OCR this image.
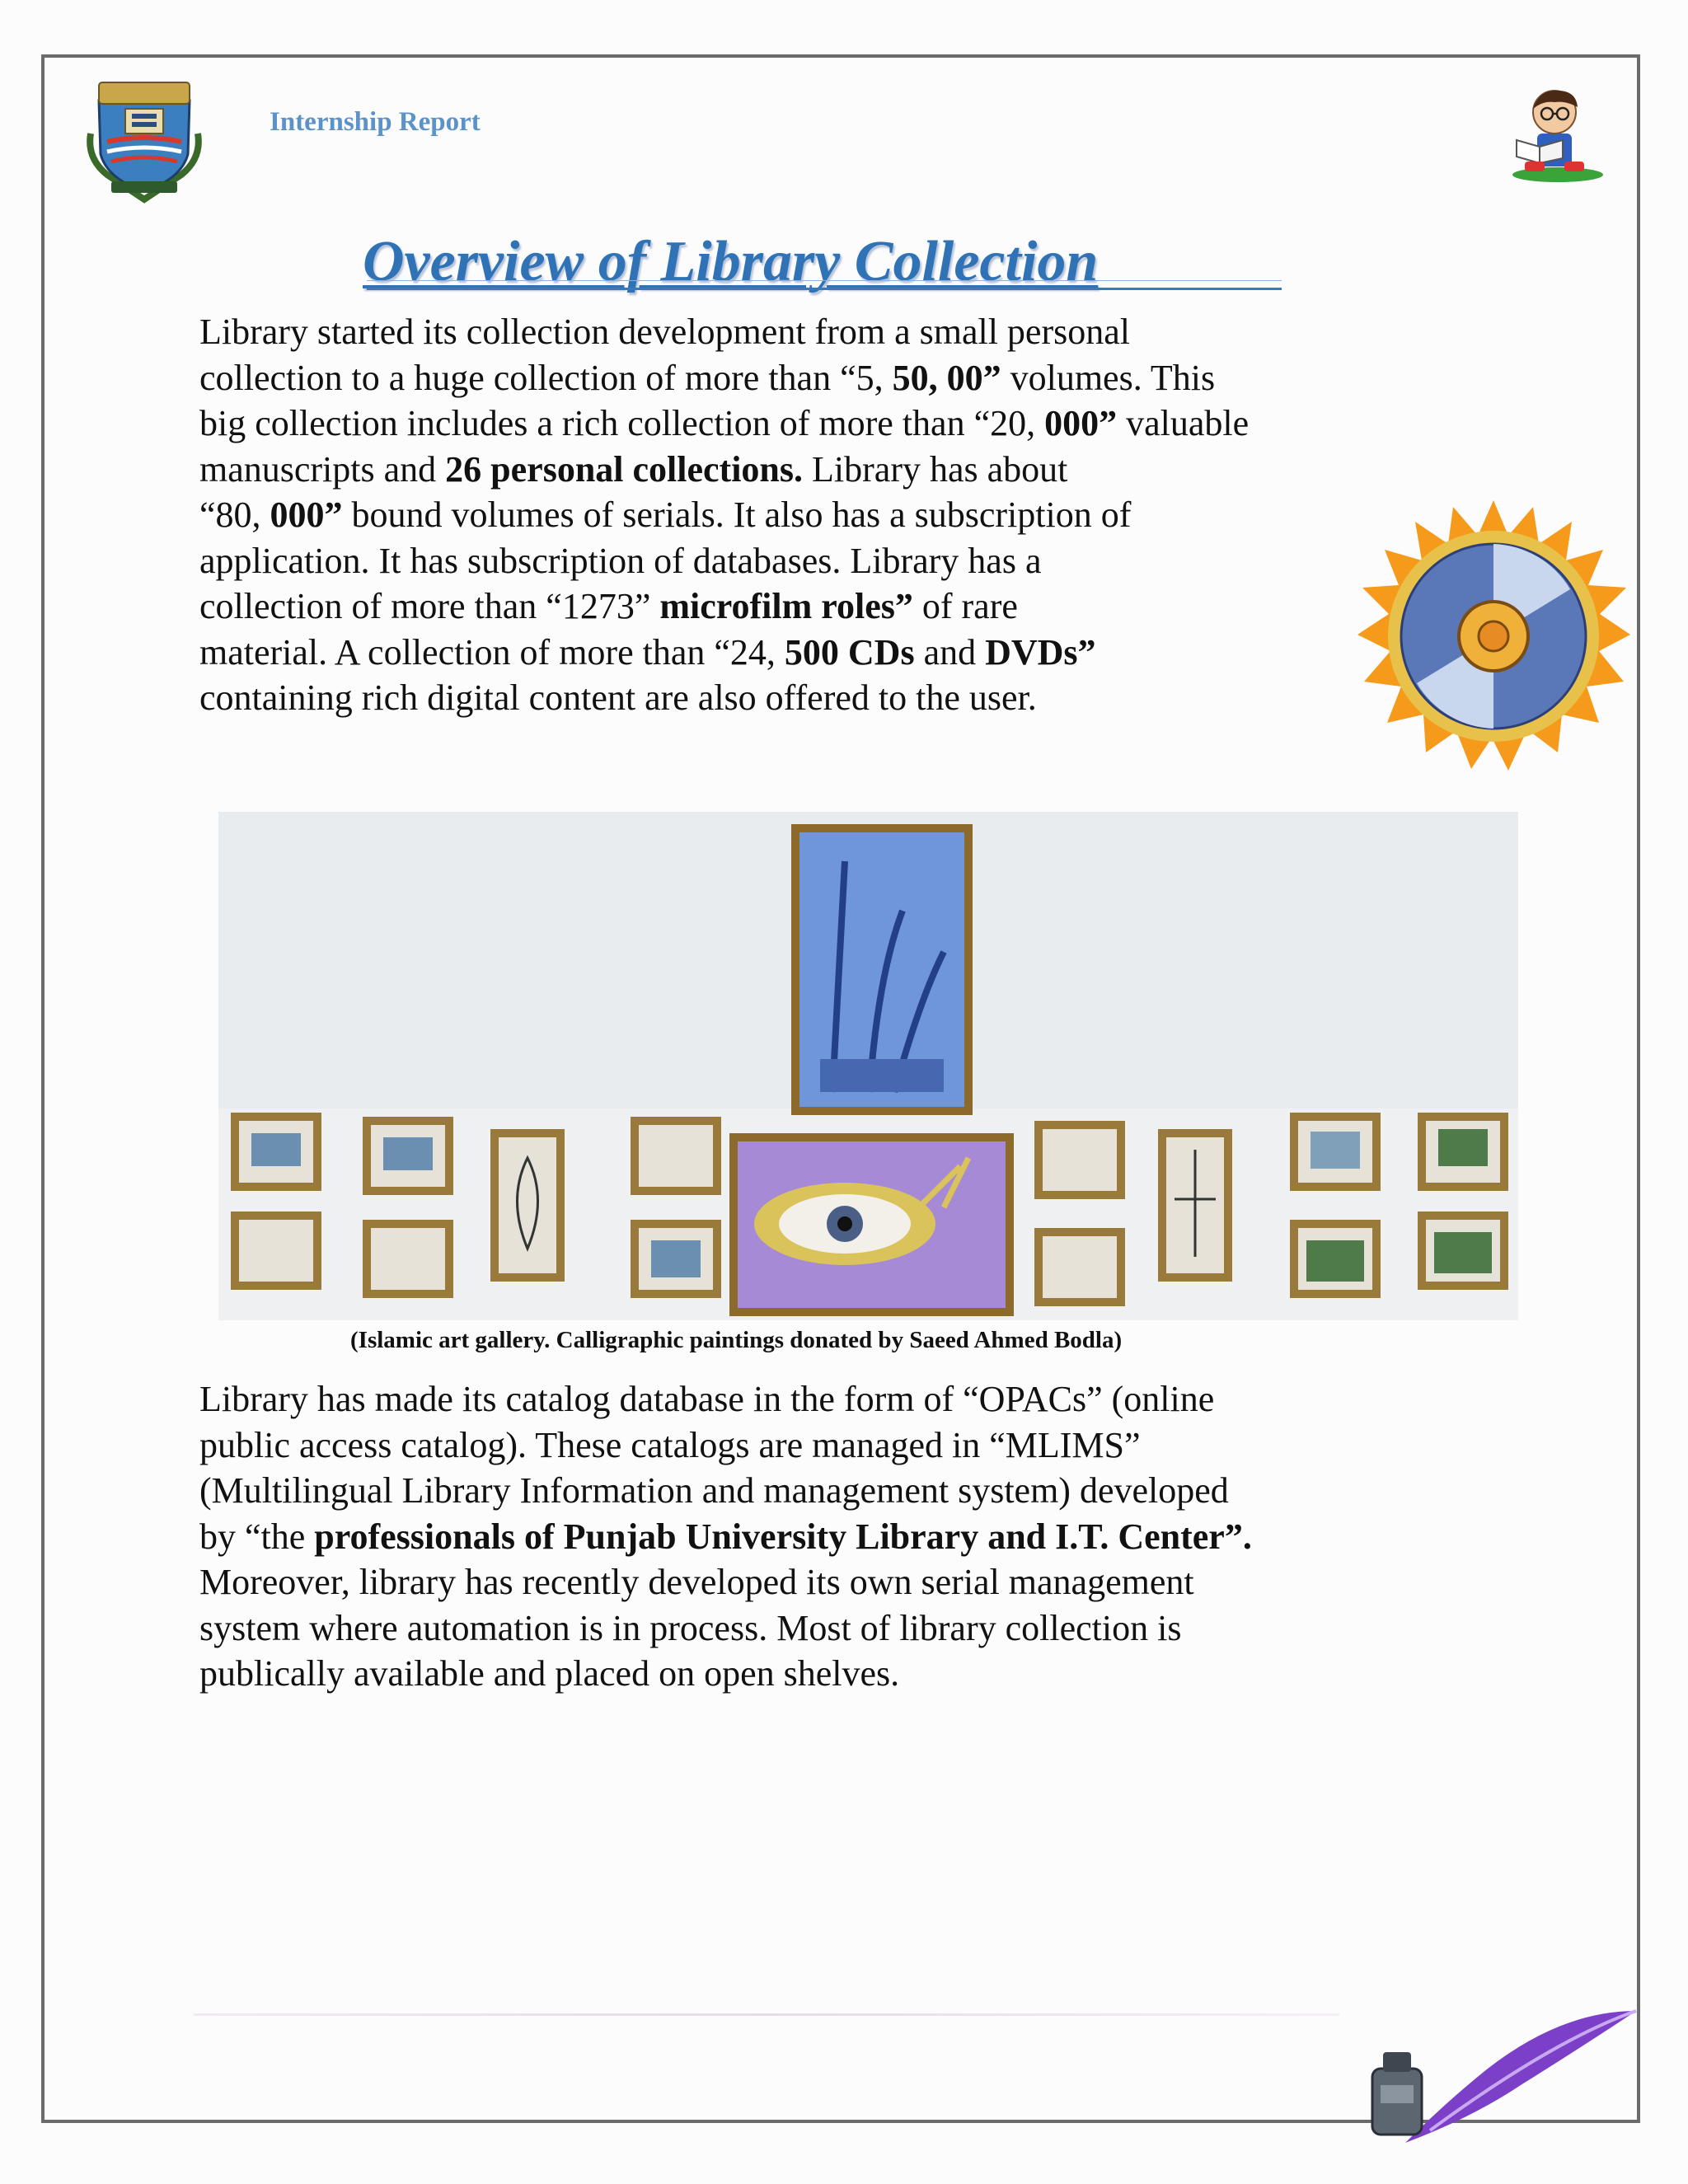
Internship Report
Overview of Library Collection

Library started its collection development from a small personal
collection to a huge collection of more than “5, 50, 00” volumes. This
big collection includes a rich collection of more than “20, 000” valuable
manuscripts and 26 personal collections. Library has about
“80, 000” bound volumes of serials. It also has a subscription of
application. It has subscription of databases. Library has a
collection of more than “1273” microfilm roles” of rare
material. A collection of more than “24, 500 CDs and DVDs”
containing rich digital content are also offered to the user.

(Islamic art gallery. Calligraphic paintings donated by Saeed Ahmed Bodla)

Library has made its catalog database in the form of “OPACs” (online
public access catalog). These catalogs are managed in “MLIMS”
(Multilingual Library Information and management system) developed
by “the professionals of Punjab University Library and I.T. Center”.
Moreover, library has recently developed its own serial management
system where automation is in process. Most of library collection is
publically available and placed on open shelves.
